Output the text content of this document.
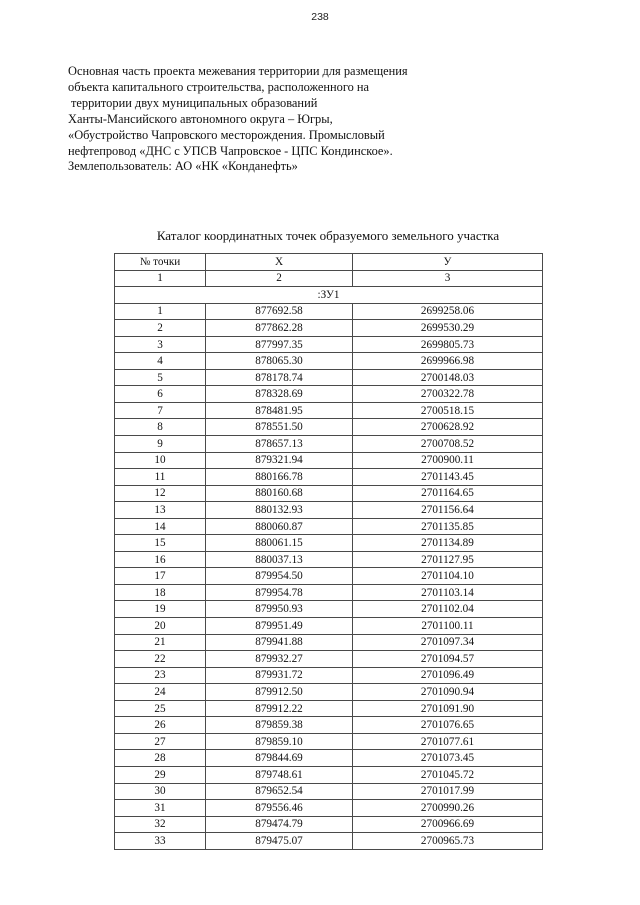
238
Основная часть проекта межевания территории для размещения
объекта капитального строительства, расположенного на
территории двух муниципальных образований
Ханты-Мансийского автономного округа – Югры,
«Обустройство Чапровского месторождения. Промысловый
нефтепровод «ДНС с УПСВ Чапровское - ЦПС Кондинское».
Землепользователь: АО «НК «Конданефть»
Каталог координатных точек образуемого земельного участка
№ точки	X	У
1	2	3
:ЗУ1		
1	877692.58	2699258.06
2	877862.28	2699530.29
3	877997.35	2699805.73
4	878065.30	2699966.98
5	878178.74	2700148.03
6	878328.69	2700322.78
7	878481.95	2700518.15
8	878551.50	2700628.92
9	878657.13	2700708.52
10	879321.94	2700900.11
11	880166.78	2701143.45
12	880160.68	2701164.65
13	880132.93	2701156.64
14	880060.87	2701135.85
15	880061.15	2701134.89
16	880037.13	2701127.95
17	879954.50	2701104.10
18	879954.78	2701103.14
19	879950.93	2701102.04
20	879951.49	2701100.11
21	879941.88	2701097.34
22	879932.27	2701094.57
23	879931.72	2701096.49
24	879912.50	2701090.94
25	879912.22	2701091.90
26	879859.38	2701076.65
27	879859.10	2701077.61
28	879844.69	2701073.45
29	879748.61	2701045.72
30	879652.54	2701017.99
31	879556.46	2700990.26
32	879474.79	2700966.69
33	879475.07	2700965.73
